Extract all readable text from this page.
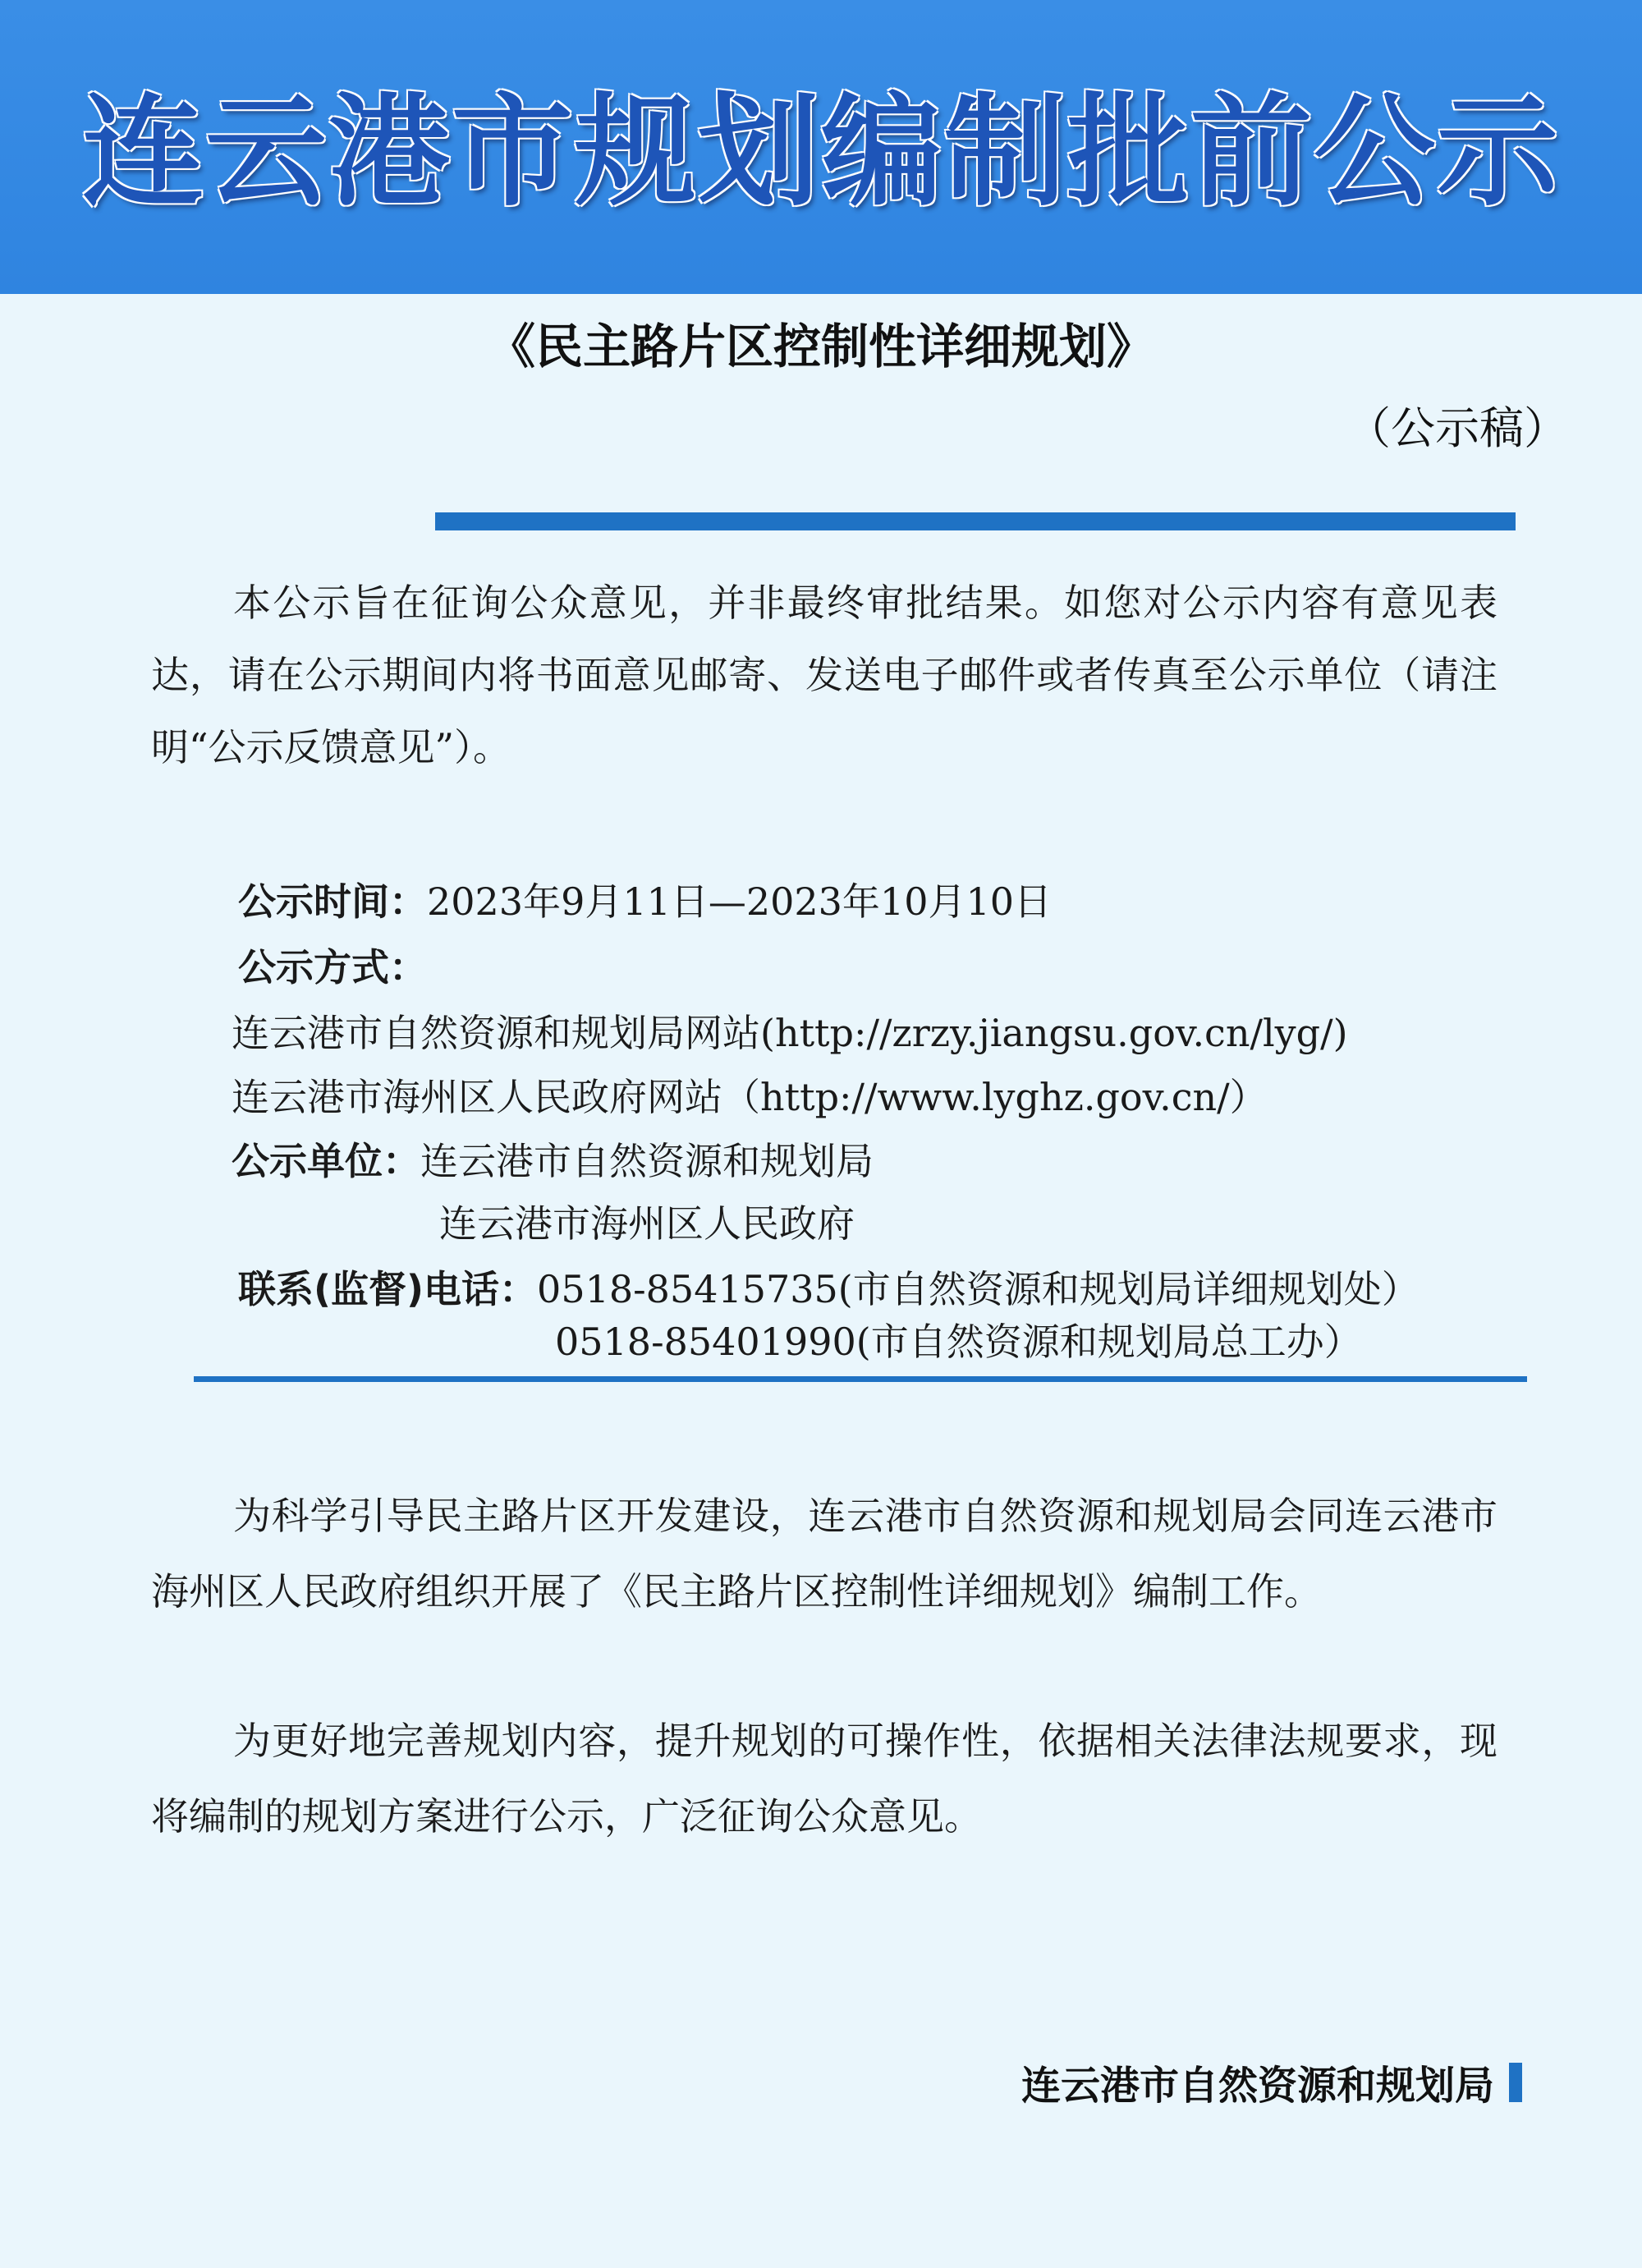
连云港市规划编制批前公示
《民主路片区控制性详细规划》
（公示稿）

本公示旨在征询公众意见，并非最终审批结果。如您对公示内容有意见表达，请在公示期间内将书面意见邮寄、发送电子邮件或者传真至公示单位（请注明“公示反馈意见”）。

公示时间：2023年9月11日—2023年10月10日
公示方式：
连云港市自然资源和规划局网站(http://zrzy.jiangsu.gov.cn/lyg/)
连云港市海州区人民政府网站（http://www.lyghz.gov.cn/）
公示单位：连云港市自然资源和规划局
连云港市海州区人民政府
联系(监督)电话：0518-85415735(市自然资源和规划局详细规划处）
0518-85401990(市自然资源和规划局总工办）

为科学引导民主路片区开发建设，连云港市自然资源和规划局会同连云港市海州区人民政府组织开展了《民主路片区控制性详细规划》编制工作。

为更好地完善规划内容，提升规划的可操作性，依据相关法律法规要求，现将编制的规划方案进行公示，广泛征询公众意见。

连云港市自然资源和规划局
